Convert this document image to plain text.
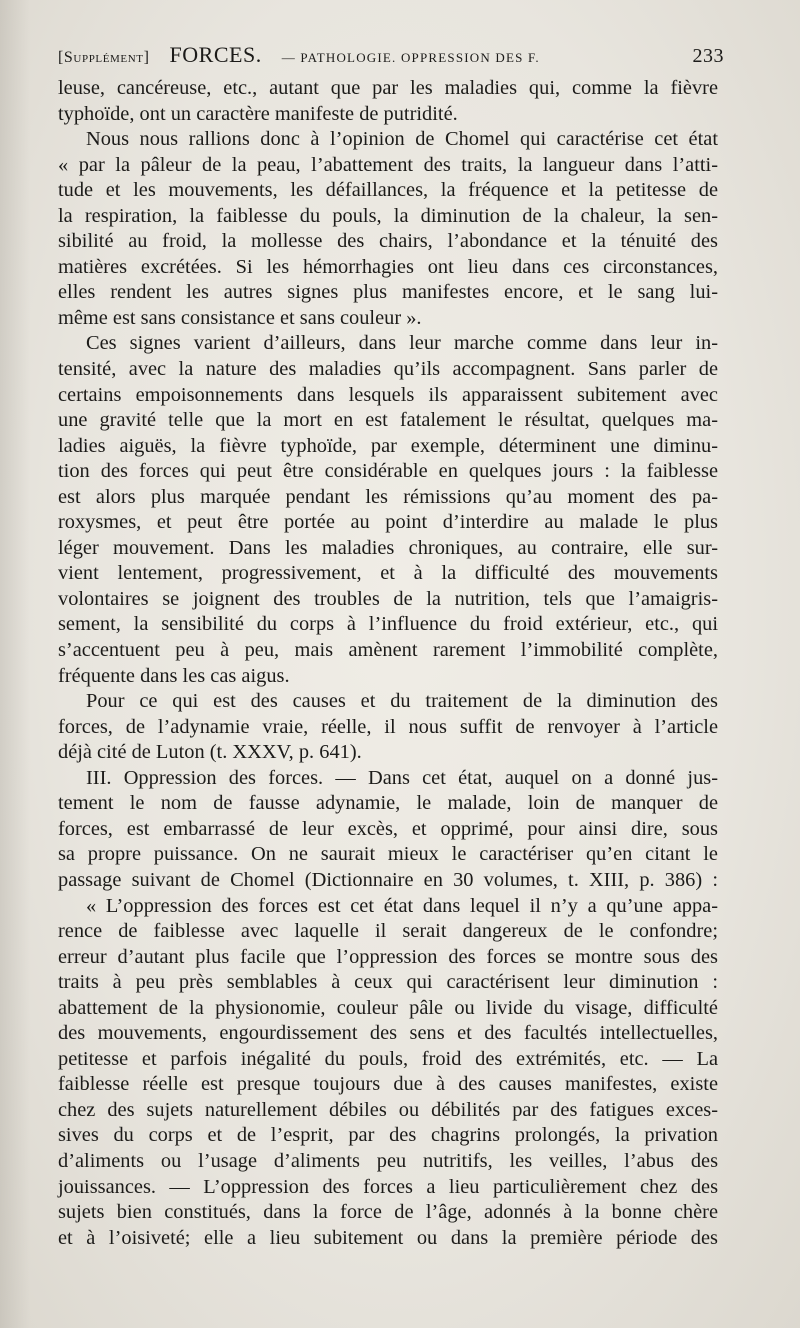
[Supplément] FORCES. — PATHOLOGIE. OPPRESSION DES F.	233
leuse, cancéreuse, etc., autant que par les maladies qui, comme la fièvre
typhoïde, ont un caractère manifeste de putridité.
Nous nous rallions donc à l’opinion de Chomel qui caractérise cet état
« par la pâleur de la peau, l’abattement des traits, la langueur dans l’atti-
tude et les mouvements, les défaillances, la fréquence et la petitesse de
la respiration, la faiblesse du pouls, la diminution de la chaleur, la sen-
sibilité au froid, la mollesse des chairs, l’abondance et la ténuité des
matières excrétées. Si les hémorrhagies ont lieu dans ces circonstances,
elles rendent les autres signes plus manifestes encore, et le sang lui-
même est sans consistance et sans couleur ».
Ces signes varient d’ailleurs, dans leur marche comme dans leur in-
tensité, avec la nature des maladies qu’ils accompagnent. Sans parler de
certains empoisonnements dans lesquels ils apparaissent subitement avec
une gravité telle que la mort en est fatalement le résultat, quelques ma-
ladies aiguës, la fièvre typhoïde, par exemple, déterminent une diminu-
tion des forces qui peut être considérable en quelques jours : la faiblesse
est alors plus marquée pendant les rémissions qu’au moment des pa-
roxysmes, et peut être portée au point d’interdire au malade le plus
léger mouvement. Dans les maladies chroniques, au contraire, elle sur-
vient lentement, progressivement, et à la difficulté des mouvements
volontaires se joignent des troubles de la nutrition, tels que l’amaigris-
sement, la sensibilité du corps à l’influence du froid extérieur, etc., qui
s’accentuent peu à peu, mais amènent rarement l’immobilité complète,
fréquente dans les cas aigus.
Pour ce qui est des causes et du traitement de la diminution des
forces, de l’adynamie vraie, réelle, il nous suffit de renvoyer à l’article
déjà cité de Luton (t. XXXV, p. 641).
III. Oppression des forces. — Dans cet état, auquel on a donné jus-
tement le nom de fausse adynamie, le malade, loin de manquer de
forces, est embarrassé de leur excès, et opprimé, pour ainsi dire, sous
sa propre puissance. On ne saurait mieux le caractériser qu’en citant le
passage suivant de Chomel (Dictionnaire en 30 volumes, t. XIII, p. 386) :
« L’oppression des forces est cet état dans lequel il n’y a qu’une appa-
rence de faiblesse avec laquelle il serait dangereux de le confondre;
erreur d’autant plus facile que l’oppression des forces se montre sous des
traits à peu près semblables à ceux qui caractérisent leur diminution :
abattement de la physionomie, couleur pâle ou livide du visage, difficulté
des mouvements, engourdissement des sens et des facultés intellectuelles,
petitesse et parfois inégalité du pouls, froid des extrémités, etc. — La
faiblesse réelle est presque toujours due à des causes manifestes, existe
chez des sujets naturellement débiles ou débilités par des fatigues exces-
sives du corps et de l’esprit, par des chagrins prolongés, la privation
d’aliments ou l’usage d’aliments peu nutritifs, les veilles, l’abus des
jouissances. — L’oppression des forces a lieu particulièrement chez des
sujets bien constitués, dans la force de l’âge, adonnés à la bonne chère
et à l’oisiveté; elle a lieu subitement ou dans la première période des
